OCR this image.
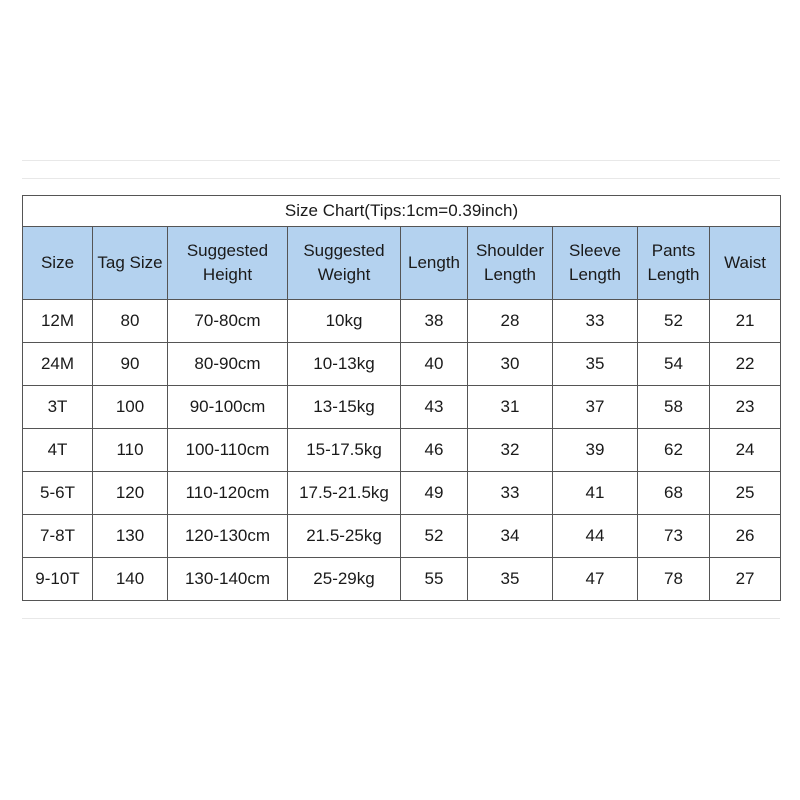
Size Chart(Tips:1cm=0.39inch)								
Size	Tag Size	Suggested Height	Suggested Weight	Length	Shoulder Length	Sleeve Length	Pants Length	Waist
12M	80	70-80cm	10kg	38	28	33	52	21
24M	90	80-90cm	10-13kg	40	30	35	54	22
3T	100	90-100cm	13-15kg	43	31	37	58	23
4T	110	100-110cm	15-17.5kg	46	32	39	62	24
5-6T	120	110-120cm	17.5-21.5kg	49	33	41	68	25
7-8T	130	120-130cm	21.5-25kg	52	34	44	73	26
9-10T	140	130-140cm	25-29kg	55	35	47	78	27
